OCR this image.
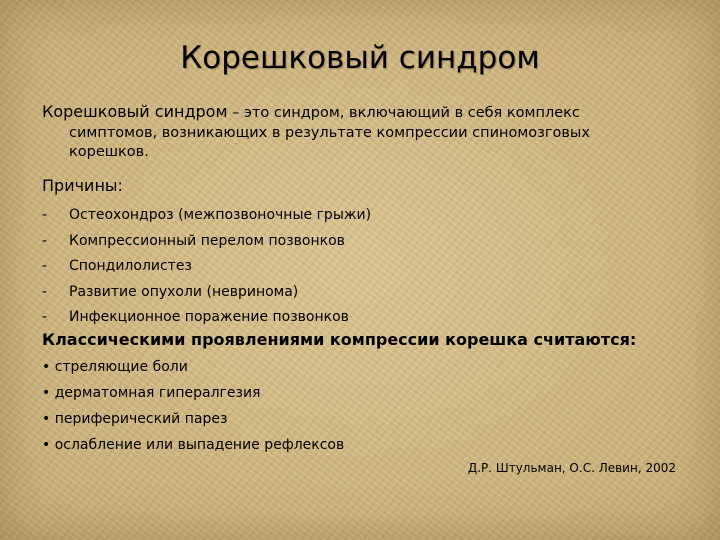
Корешковый синдром
Корешковый синдром – это синдром, включающий в себя комплекс
симптомов, возникающих в результате компрессии спиномозговых
корешков.
Причины:
-	Остеохондроз (межпозвоночные грыжи)
-	Компрессионный перелом позвонков
-	Спондилолистез
-	Развитие опухоли (невринома)
-	Инфекционное поражение позвонков
Классическими проявлениями компрессии корешка считаются:
• стреляющие боли
• дерматомная гипералгезия
• периферический парез
• ослабление или выпадение рефлексов
Д.Р. Штульман, О.С. Левин, 2002
